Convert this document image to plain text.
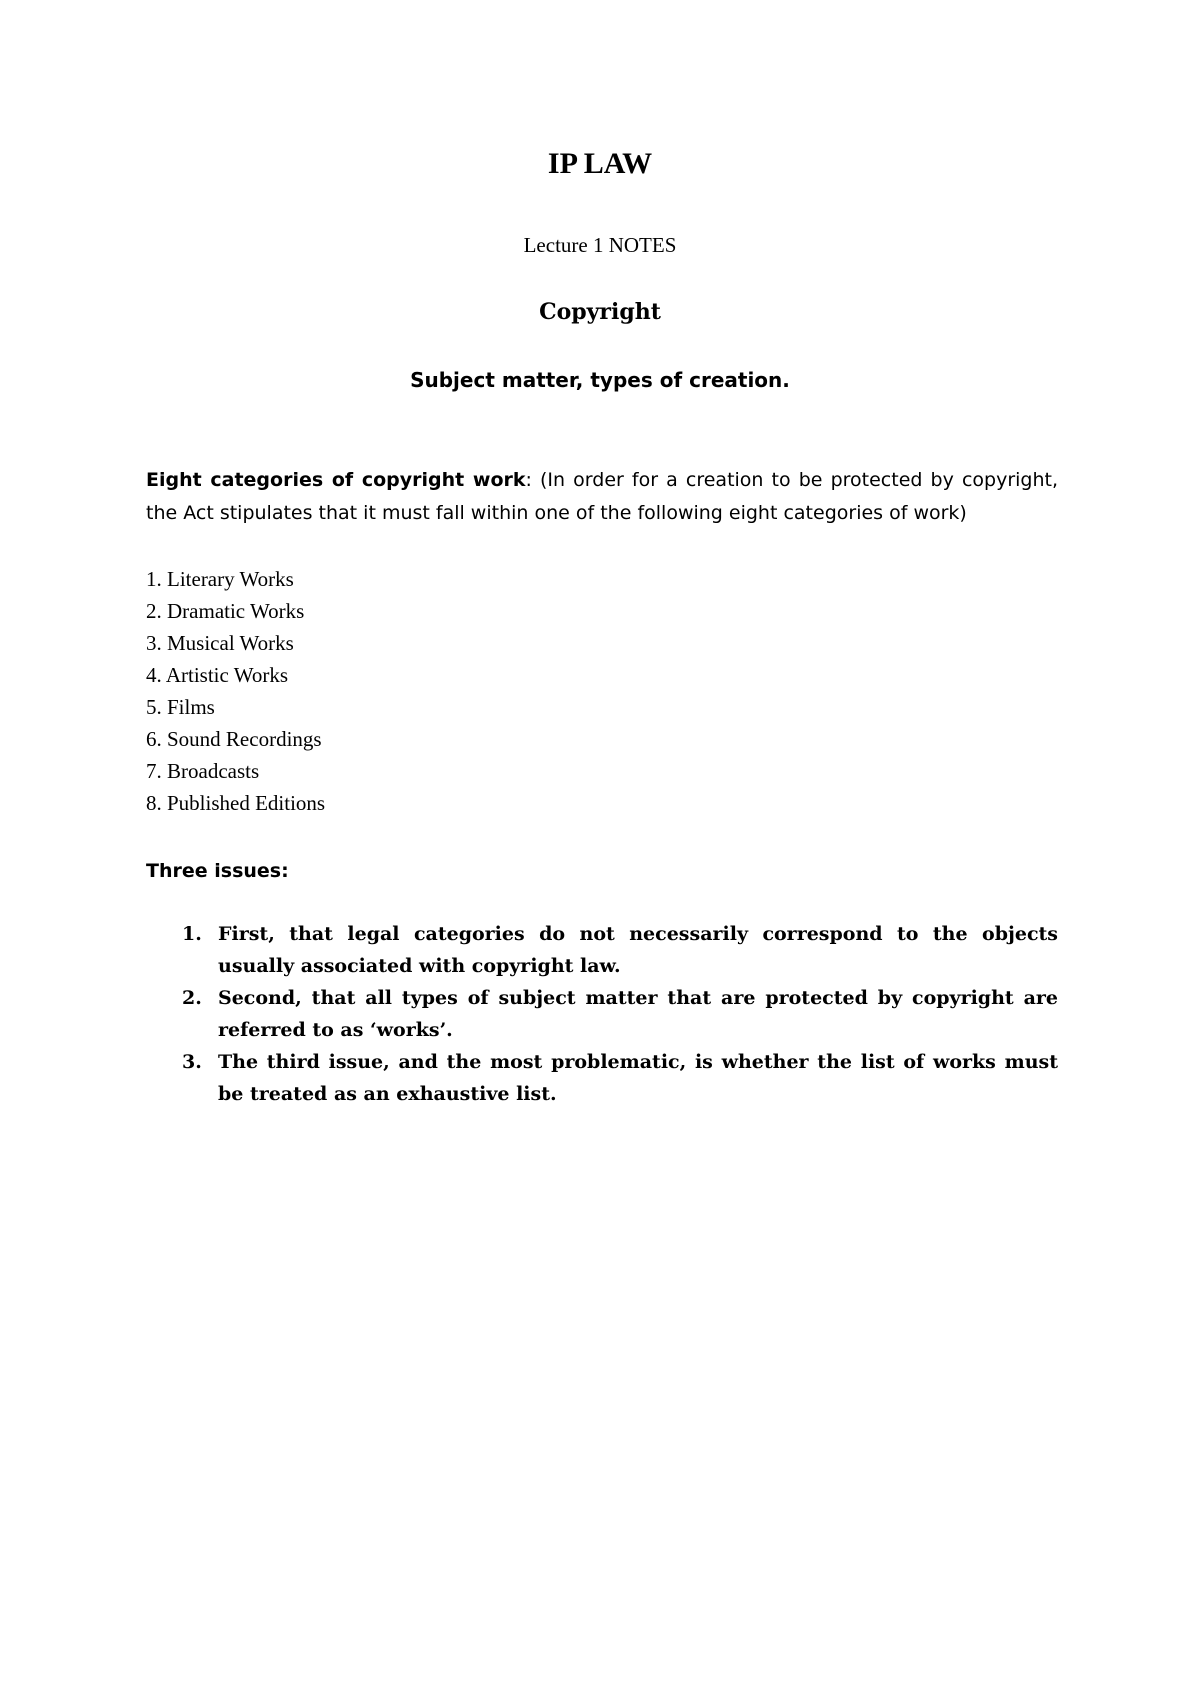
IP LAW

Lecture 1 NOTES

Copyright

Subject matter, types of creation.

Eight categories of copyright work: (In order for a creation to be protected by copyright, the Act stipulates that it must fall within one of the following eight categories of work)

1. Literary Works
2. Dramatic Works
3. Musical Works
4. Artistic Works
5. Films
6. Sound Recordings
7. Broadcasts
8. Published Editions

Three issues:

1. First, that legal categories do not necessarily correspond to the objects usually associated with copyright law.
2. Second, that all types of subject matter that are protected by copyright are referred to as ‘works’.
3. The third issue, and the most problematic, is whether the list of works must be treated as an exhaustive list.
